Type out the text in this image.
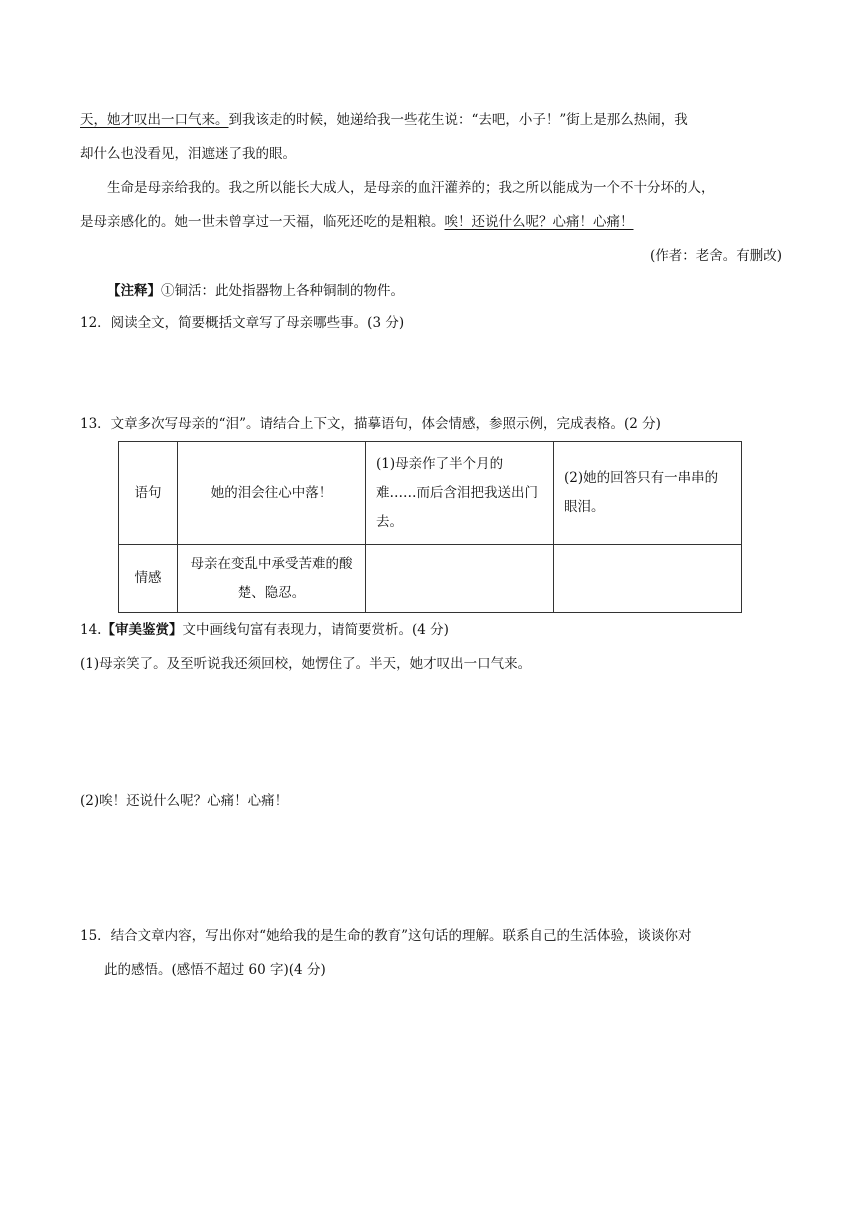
天，她才叹出一口气来。到我该走的时候，她递给我一些花生说：“去吧，小子！”街上是那么热闹，我
却什么也没看见，泪遮迷了我的眼。
生命是母亲给我的。我之所以能长大成人，是母亲的血汗灌养的；我之所以能成为一个不十分坏的人，
是母亲感化的。她一世未曾享过一天福，临死还吃的是粗粮。唉！还说什么呢？心痛！心痛！
(作者：老舍。有删改)
【注释】①铜活：此处指器物上各种铜制的物件。
12．阅读全文，简要概括文章写了母亲哪些事。(3 分)
13．文章多次写母亲的“泪”。请结合上下文，描摹语句，体会情感，参照示例，完成表格。(2 分)
语句	她的泪会往心中落！	(1)母亲作了半个月的难……而后含泪把我送出门去。	(2)她的回答只有一串串的眼泪。
情感	母亲在变乱中承受苦难的酸楚、隐忍。		
14.【审美鉴赏】文中画线句富有表现力，请简要赏析。(4 分)
(1)母亲笑了。及至听说我还须回校，她愣住了。半天，她才叹出一口气来。
(2)唉！还说什么呢？心痛！心痛！
15．结合文章内容，写出你对“她给我的是生命的教育”这句话的理解。联系自己的生活体验，谈谈你对
此的感悟。(感悟不超过 60 字)(4 分)
